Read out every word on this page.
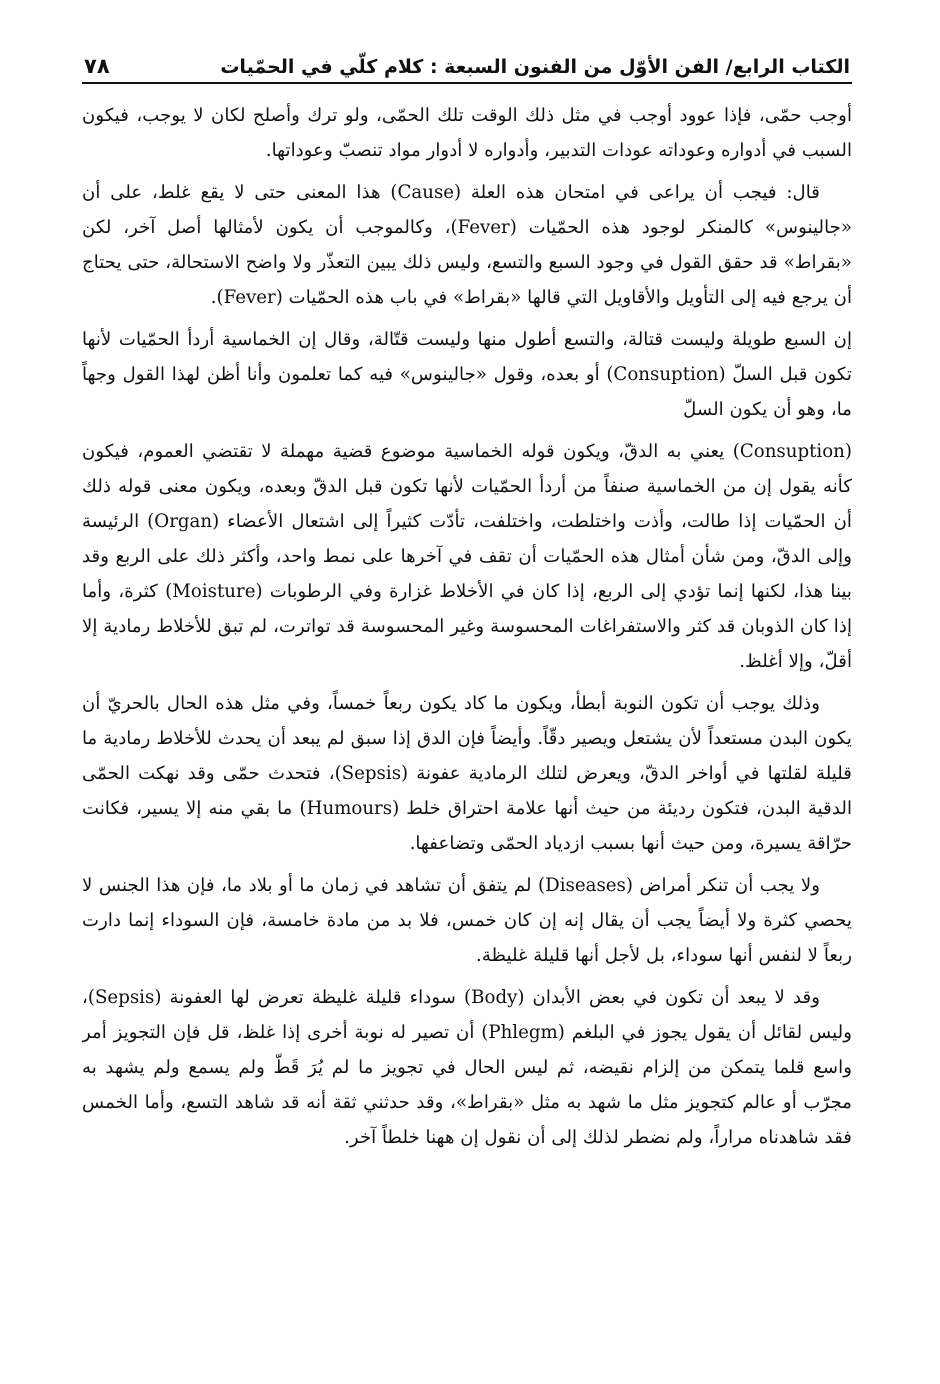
الكتاب الرابع/ الفن الأوّل من الفنون السبعة : كلام كلّي في الحمّيات
٧٨

أوجب حمّى، فإذا عوود أوجب في مثل ذلك الوقت تلك الحمّى، ولو ترك وأصلح لكان لا يوجب، فيكون السبب في أدواره وعوداته عودات التدبير، وأدواره لا أدوار مواد تنصبّ وعوداتها.

قال: فيجب أن يراعى في امتحان هذه العلة (Cause) هذا المعنى حتى لا يقع غلط، على أن «جالينوس» كالمنكر لوجود هذه الحمّيات (Fever)، وكالموجب أن يكون لأمثالها أصل آخر، لكن «بقراط» قد حقق القول في وجود السبع والتسع، وليس ذلك يبين التعذّر ولا واضح الاستحالة، حتى يحتاج أن يرجع فيه إلى التأويل والأقاويل التي قالها «بقراط» في باب هذه الحمّيات (Fever).

إن السبع طويلة وليست قتالة، والتسع أطول منها وليست قتّالة، وقال إن الخماسية أردأ الحمّيات لأنها تكون قبل السلّ (Consuption) أو بعده، وقول «جالينوس» فيه كما تعلمون وأنا أظن لهذا القول وجهاً ما، وهو أن يكون السلّ

(Consuption) يعني به الدقّ، ويكون قوله الخماسية موضوع قضية مهملة لا تقتضي العموم، فيكون كأنه يقول إن من الخماسية صنفاً من أردأ الحمّيات لأنها تكون قبل الدقّ وبعده، ويكون معنى قوله ذلك أن الحمّيات إذا طالت، وأذت واختلطت، واختلفت، تأدّت كثيراً إلى اشتعال الأعضاء (Organ) الرئيسة وإلى الدقّ، ومن شأن أمثال هذه الحمّيات أن تقف في آخرها على نمط واحد، وأكثر ذلك على الربع وقد بينا هذا، لكنها إنما تؤدي إلى الربع، إذا كان في الأخلاط غزارة وفي الرطوبات (Moisture) كثرة، وأما إذا كان الذوبان قد كثر والاستفراغات المحسوسة وغير المحسوسة قد تواترت، لم تبق للأخلاط رمادية إلا أقلّ، وإلا أغلظ.

وذلك يوجب أن تكون النوبة أبطأ، ويكون ما كاد يكون ربعاً خمساً، وفي مثل هذه الحال بالحريّ أن يكون البدن مستعداً لأن يشتعل ويصير دقّاً. وأيضاً فإن الدق إذا سبق لم يبعد أن يحدث للأخلاط رمادية ما قليلة لقلتها في أواخر الدقّ، ويعرض لتلك الرمادية عفونة (Sepsis)، فتحدث حمّى وقد نهكت الحمّى الدقية البدن، فتكون رديئة من حيث أنها علامة احتراق خلط (Humours) ما بقي منه إلا يسير، فكانت حرّاقة يسيرة، ومن حيث أنها بسبب ازدياد الحمّى وتضاعفها.

ولا يجب أن تنكر أمراض (Diseases) لم يتفق أن تشاهد في زمان ما أو بلاد ما، فإن هذا الجنس لا يحصي كثرة ولا أيضاً يجب أن يقال إنه إن كان خمس، فلا بد من مادة خامسة، فإن السوداء إنما دارت ربعاً لا لنفس أنها سوداء، بل لأجل أنها قليلة غليظة.

وقد لا يبعد أن تكون في بعض الأبدان (Body) سوداء قليلة غليظة تعرض لها العفونة (Sepsis)، وليس لقائل أن يقول يجوز في البلغم (Phlegm) أن تصير له نوبة أخرى إذا غلظ، قل فإن التجويز أمر واسع قلما يتمكن من إلزام نقيضه، ثم ليس الحال في تجويز ما لم يُرَ قَطّ ولم يسمع ولم يشهد به مجرّب أو عالم كتجويز مثل ما شهد به مثل «بقراط»، وقد حدثني ثقة أنه قد شاهد التسع، وأما الخمس فقد شاهدناه مراراً، ولم نضطر لذلك إلى أن نقول إن ههنا خلطاً آخر.
